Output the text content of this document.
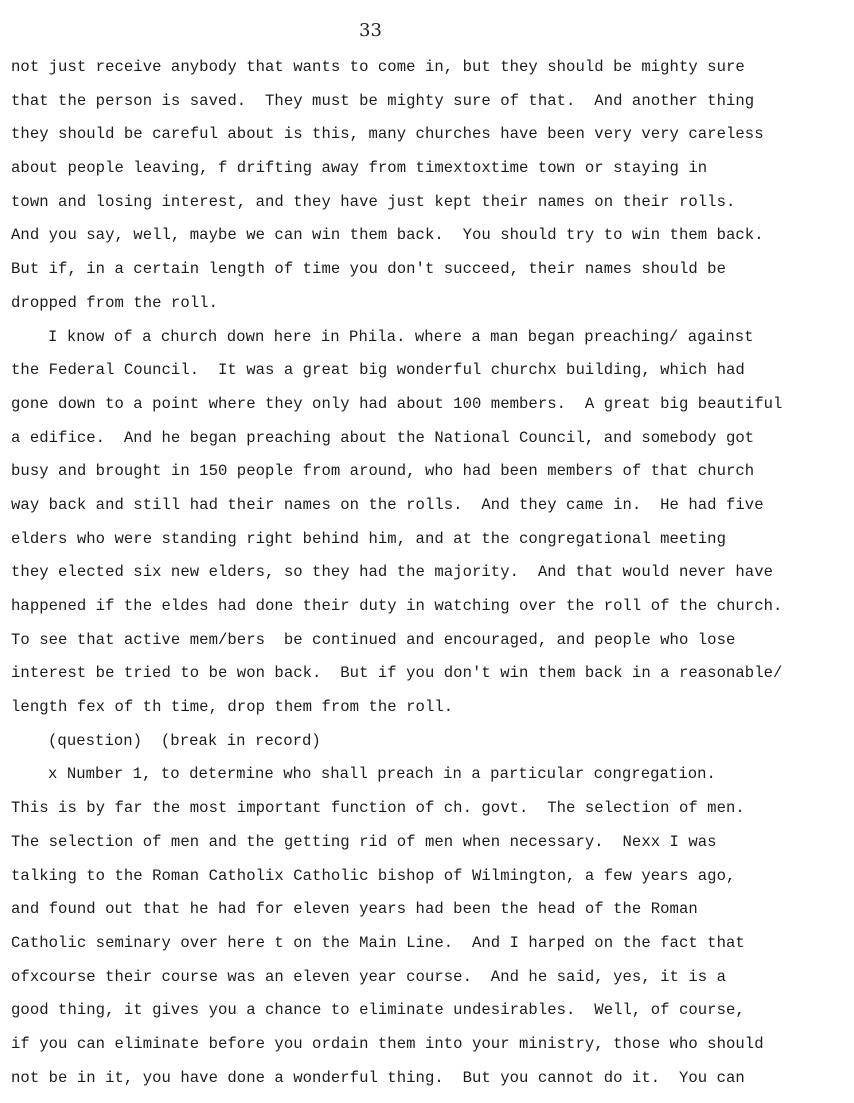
33
not just receive anybody that wants to come in, but they should be mighty sure
that the person is saved.  They must be mighty sure of that.  And another thing
they should be careful about is this, many churches have been very very careless
about people leaving, f drifting away from timextoxtime town or staying in
town and losing interest, and they have just kept their names on their rolls.
And you say, well, maybe we can win them back.  You should try to win them back.
But if, in a certain length of time you don't succeed, their names should be
dropped from the roll.
I know of a church down here in Phila. where a man began preaching/ against
the Federal Council.  It was a great big wonderful churchx building, which had
gone down to a point where they only had about 100 members.  A great big beautiful
a edifice.  And he began preaching about the National Council, and somebody got
busy and brought in 150 people from around, who had been members of that church
way back and still had their names on the rolls.  And they came in.  He had five
elders who were standing right behind him, and at the congregational meeting
they elected six new elders, so they had the majority.  And that would never have
happened if the eldes had done their duty in watching over the roll of the church.
To see that active mem/bers  be continued and encouraged, and people who lose
interest be tried to be won back.  But if you don't win them back in a reasonable/
length fex of th time, drop them from the roll.
(question)  (break in record)
x Number 1, to determine who shall preach in a particular congregation.
This is by far the most important function of ch. govt.  The selection of men.
The selection of men and the getting rid of men when necessary.  Nexx I was
talking to the Roman Catholix Catholic bishop of Wilmington, a few years ago,
and found out that he had for eleven years had been the head of the Roman
Catholic seminary over here t on the Main Line.  And I harped on the fact that
ofxcourse their course was an eleven year course.  And he said, yes, it is a
good thing, it gives you a chance to eliminate undesirables.  Well, of course,
if you can eliminate before you ordain them into your ministry, those who should
not be in it, you have done a wonderful thing.  But you cannot do it.  You can
